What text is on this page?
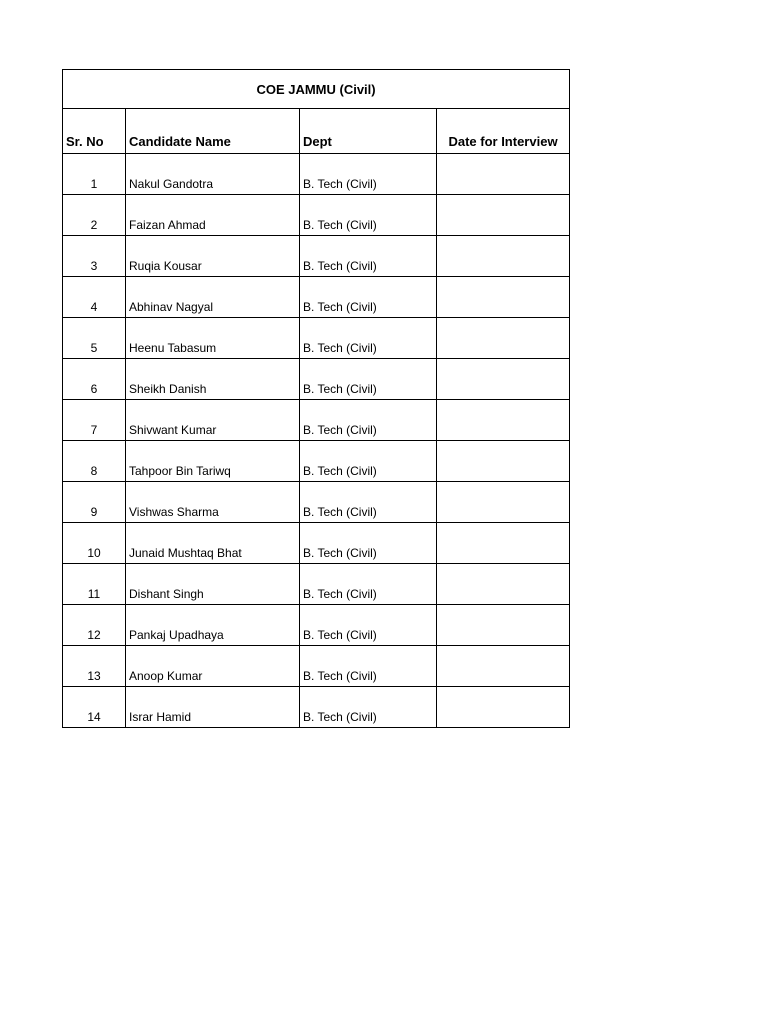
COE JAMMU (Civil)			
Sr. No	Candidate Name	Dept	Date for Interview
1	Nakul Gandotra	B. Tech (Civil)	
2	Faizan Ahmad	B. Tech (Civil)	
3	Ruqia Kousar	B. Tech (Civil)	
4	Abhinav Nagyal	B. Tech (Civil)	
5	Heenu Tabasum	B. Tech (Civil)	
6	Sheikh Danish	B. Tech (Civil)	
7	Shivwant Kumar	B. Tech (Civil)	
8	Tahpoor Bin Tariwq	B. Tech (Civil)	
9	Vishwas Sharma	B. Tech (Civil)	
10	Junaid Mushtaq Bhat	B. Tech (Civil)	
11	Dishant Singh	B. Tech (Civil)	
12	Pankaj Upadhaya	B. Tech (Civil)	
13	Anoop Kumar	B. Tech (Civil)	
14	Israr Hamid	B. Tech (Civil)	
